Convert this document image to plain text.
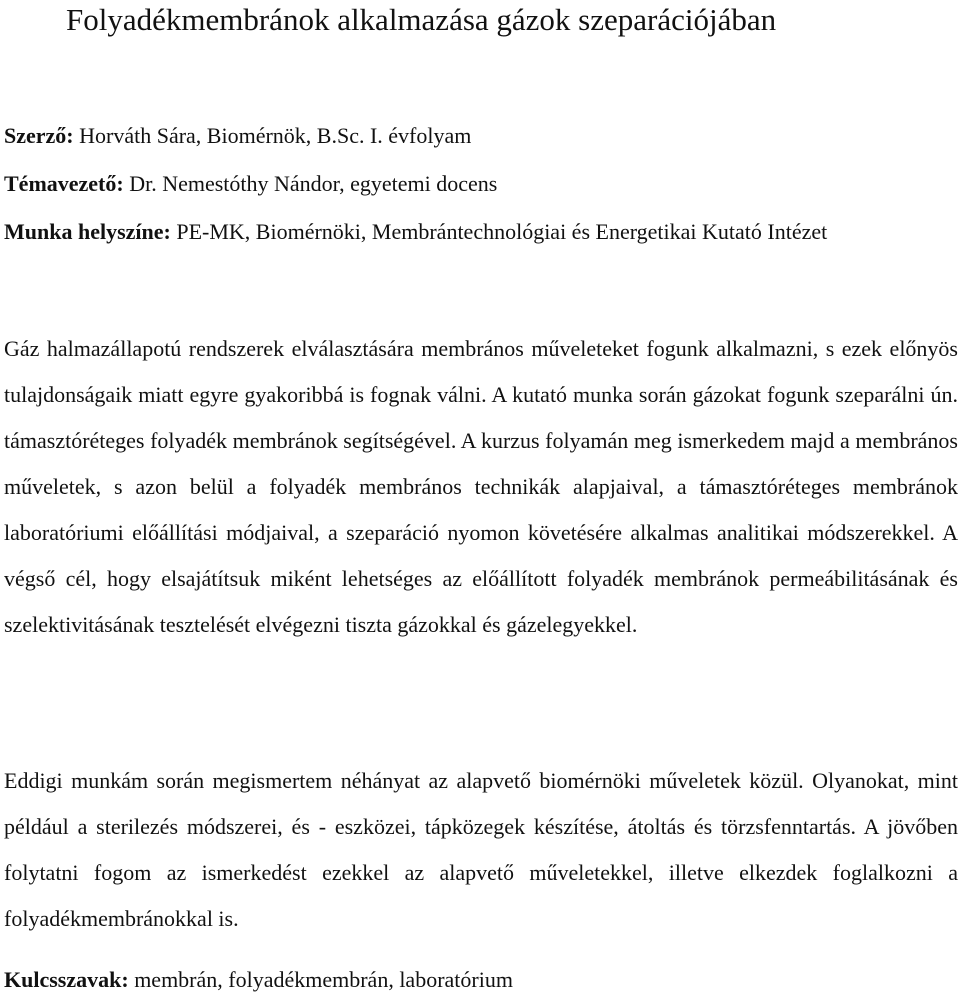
Folyadékmembránok alkalmazása gázok szeparációjában

Szerző: Horváth Sára, Biomérnök, B.Sc. I. évfolyam

Témavezető: Dr. Nemestóthy Nándor, egyetemi docens

Munka helyszíne: PE-MK, Biomérnöki, Membrántechnológiai és Energetikai Kutató Intézet

Gáz halmazállapotú rendszerek elválasztására membrános műveleteket fogunk alkalmazni, s ezek előnyös tulajdonságaik miatt egyre gyakoribbá is fognak válni. A kutató munka során gázokat fogunk szeparálni ún. támasztóréteges folyadék membránok segítségével. A kurzus folyamán meg ismerkedem majd a membrános műveletek, s azon belül a folyadék membrános technikák alapjaival, a támasztóréteges membránok laboratóriumi előállítási módjaival, a szeparáció nyomon követésére alkalmas analitikai módszerekkel. A végső cél, hogy elsajátítsuk miként lehetséges az előállított folyadék membránok permeábilitásának és szelektivitásának tesztelését elvégezni tiszta gázokkal és gázelegyekkel.

Eddigi munkám során megismertem néhányat az alapvető biomérnöki műveletek közül. Olyanokat, mint például a sterilezés módszerei, és - eszközei, tápközegek készítése, átoltás és törzsfenntartás. A jövőben folytatni fogom az ismerkedést ezekkel az alapvető műveletekkel, illetve elkezdek foglalkozni a folyadékmembránokkal is.

Kulcsszavak: membrán, folyadékmembrán, laboratórium
